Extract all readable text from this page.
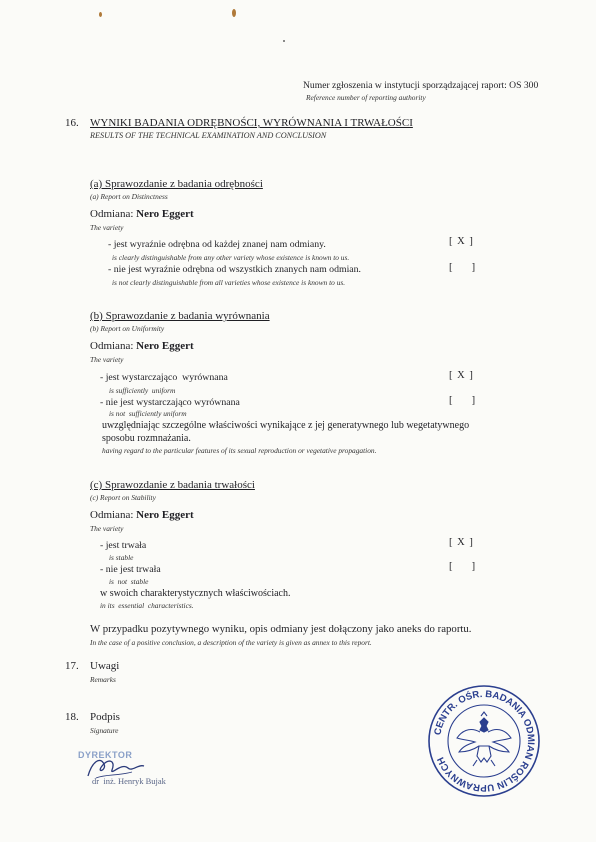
Numer zgłoszenia w instytucji sporządzającej raport: OS 300
Reference number of reporting authority
16. WYNIKI BADANIA ODRĘBNOŚCI, WYRÓWNANIA I TRWAŁOŚCI
RESULTS OF THE TECHNICAL EXAMINATION AND CONCLUSION
(a) Sprawozdanie z badania odrębności
(a) Report on Distinctness
Odmiana: Nero Eggert
The variety
- jest wyraźnie odrębna od każdej znanej nam odmiany.
is clearly distinguishable from any other variety whose existence is known to us.
[ X ]
- nie jest wyraźnie odrębna od wszystkich znanych nam odmian.
is not clearly distinguishable from all varieties whose existence is known to us.
[     ]
(b) Sprawozdanie z badania wyrównania
(b) Report on Uniformity
Odmiana: Nero Eggert
The variety
- jest wystarczająco  wyrównana
is sufficiently  uniform
[ X ]
- nie jest wystarczająco wyrównana
is not  sufficiently uniform
[     ]
uwzględniając szczególne właściwości wynikające z jej generatywnego lub wegetatywnego
sposobu rozmnażania.
having regard to the particular features of its sexual reproduction or vegetative propagation.
(c) Sprawozdanie z badania trwałości
(c) Report on Stability
Odmiana: Nero Eggert
The variety
- jest trwała
is stable
[ X ]
- nie jest trwała
is  not  stable
[     ]
w swoich charakterystycznych właściwościach.
in its  essential  characteristics.
W przypadku pozytywnego wyniku, opis odmiany jest dołączony jako aneks do raportu.
In the case of a positive conclusion, a description of the variety is given as annex to this report.
17. Uwagi
Remarks
18. Podpis
Signature
DYREKTOR
dr  inż. Henryk Bujak
CENTR. OŚR. BADANIA ODMIAN ROŚLIN UPRAWNYCH
